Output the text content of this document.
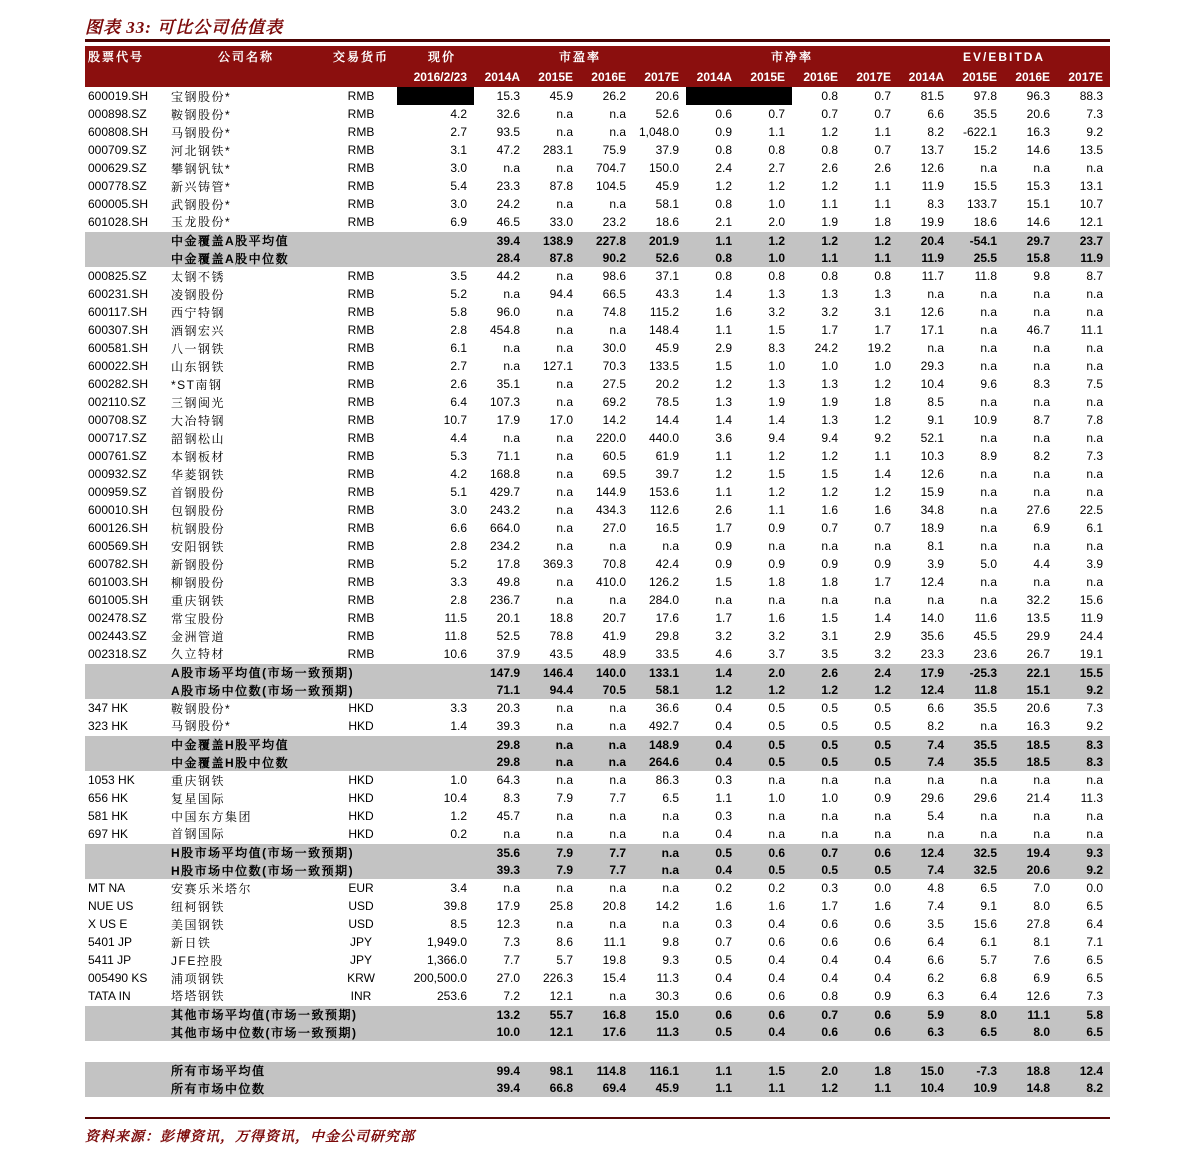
图表 33: 可比公司估值表
股票代号	公司名称	交易货币	现价	市盈率				市净率				EV/EBITDA			
			2016/2/23	2014A	2015E	2016E	2017E	2014A	2015E	2016E	2017E	2014A	2015E	2016E	2017E
600019.SH	宝钢股份*	RMB		15.3	45.9	26.2	20.6			0.8	0.7	81.5	97.8	96.3	88.3
000898.SZ	鞍钢股份*	RMB	4.2	32.6	n.a	n.a	52.6	0.6	0.7	0.7	0.7	6.6	35.5	20.6	7.3
600808.SH	马钢股份*	RMB	2.7	93.5	n.a	n.a	1,048.0	0.9	1.1	1.2	1.1	8.2	-622.1	16.3	9.2
000709.SZ	河北钢铁*	RMB	3.1	47.2	283.1	75.9	37.9	0.8	0.8	0.8	0.7	13.7	15.2	14.6	13.5
000629.SZ	攀钢钒钛*	RMB	3.0	n.a	n.a	704.7	150.0	2.4	2.7	2.6	2.6	12.6	n.a	n.a	n.a
000778.SZ	新兴铸管*	RMB	5.4	23.3	87.8	104.5	45.9	1.2	1.2	1.2	1.1	11.9	15.5	15.3	13.1
600005.SH	武钢股份*	RMB	3.0	24.2	n.a	n.a	58.1	0.8	1.0	1.1	1.1	8.3	133.7	15.1	10.7
601028.SH	玉龙股份*	RMB	6.9	46.5	33.0	23.2	18.6	2.1	2.0	1.9	1.8	19.9	18.6	14.6	12.1
	中金覆盖A股平均值			39.4	138.9	227.8	201.9	1.1	1.2	1.2	1.2	20.4	-54.1	29.7	23.7
	中金覆盖A股中位数			28.4	87.8	90.2	52.6	0.8	1.0	1.1	1.1	11.9	25.5	15.8	11.9
000825.SZ	太钢不锈	RMB	3.5	44.2	n.a	98.6	37.1	0.8	0.8	0.8	0.8	11.7	11.8	9.8	8.7
600231.SH	凌钢股份	RMB	5.2	n.a	94.4	66.5	43.3	1.4	1.3	1.3	1.3	n.a	n.a	n.a	n.a
600117.SH	西宁特钢	RMB	5.8	96.0	n.a	74.8	115.2	1.6	3.2	3.2	3.1	12.6	n.a	n.a	n.a
600307.SH	酒钢宏兴	RMB	2.8	454.8	n.a	n.a	148.4	1.1	1.5	1.7	1.7	17.1	n.a	46.7	11.1
600581.SH	八一钢铁	RMB	6.1	n.a	n.a	30.0	45.9	2.9	8.3	24.2	19.2	n.a	n.a	n.a	n.a
600022.SH	山东钢铁	RMB	2.7	n.a	127.1	70.3	133.5	1.5	1.0	1.0	1.0	29.3	n.a	n.a	n.a
600282.SH	*ST南钢	RMB	2.6	35.1	n.a	27.5	20.2	1.2	1.3	1.3	1.2	10.4	9.6	8.3	7.5
002110.SZ	三钢闽光	RMB	6.4	107.3	n.a	69.2	78.5	1.3	1.9	1.9	1.8	8.5	n.a	n.a	n.a
000708.SZ	大冶特钢	RMB	10.7	17.9	17.0	14.2	14.4	1.4	1.4	1.3	1.2	9.1	10.9	8.7	7.8
000717.SZ	韶钢松山	RMB	4.4	n.a	n.a	220.0	440.0	3.6	9.4	9.4	9.2	52.1	n.a	n.a	n.a
000761.SZ	本钢板材	RMB	5.3	71.1	n.a	60.5	61.9	1.1	1.2	1.2	1.1	10.3	8.9	8.2	7.3
000932.SZ	华菱钢铁	RMB	4.2	168.8	n.a	69.5	39.7	1.2	1.5	1.5	1.4	12.6	n.a	n.a	n.a
000959.SZ	首钢股份	RMB	5.1	429.7	n.a	144.9	153.6	1.1	1.2	1.2	1.2	15.9	n.a	n.a	n.a
600010.SH	包钢股份	RMB	3.0	243.2	n.a	434.3	112.6	2.6	1.1	1.6	1.6	34.8	n.a	27.6	22.5
600126.SH	杭钢股份	RMB	6.6	664.0	n.a	27.0	16.5	1.7	0.9	0.7	0.7	18.9	n.a	6.9	6.1
600569.SH	安阳钢铁	RMB	2.8	234.2	n.a	n.a	n.a	0.9	n.a	n.a	n.a	8.1	n.a	n.a	n.a
600782.SH	新钢股份	RMB	5.2	17.8	369.3	70.8	42.4	0.9	0.9	0.9	0.9	3.9	5.0	4.4	3.9
601003.SH	柳钢股份	RMB	3.3	49.8	n.a	410.0	126.2	1.5	1.8	1.8	1.7	12.4	n.a	n.a	n.a
601005.SH	重庆钢铁	RMB	2.8	236.7	n.a	n.a	284.0	n.a	n.a	n.a	n.a	n.a	n.a	32.2	15.6
002478.SZ	常宝股份	RMB	11.5	20.1	18.8	20.7	17.6	1.7	1.6	1.5	1.4	14.0	11.6	13.5	11.9
002443.SZ	金洲管道	RMB	11.8	52.5	78.8	41.9	29.8	3.2	3.2	3.1	2.9	35.6	45.5	29.9	24.4
002318.SZ	久立特材	RMB	10.6	37.9	43.5	48.9	33.5	4.6	3.7	3.5	3.2	23.3	23.6	26.7	19.1
	A股市场平均值(市场一致预期)			147.9	146.4	140.0	133.1	1.4	2.0	2.6	2.4	17.9	-25.3	22.1	15.5
	A股市场中位数(市场一致预期)			71.1	94.4	70.5	58.1	1.2	1.2	1.2	1.2	12.4	11.8	15.1	9.2
347 HK	鞍钢股份*	HKD	3.3	20.3	n.a	n.a	36.6	0.4	0.5	0.5	0.5	6.6	35.5	20.6	7.3
323 HK	马钢股份*	HKD	1.4	39.3	n.a	n.a	492.7	0.4	0.5	0.5	0.5	8.2	n.a	16.3	9.2
	中金覆盖H股平均值			29.8	n.a	n.a	148.9	0.4	0.5	0.5	0.5	7.4	35.5	18.5	8.3
	中金覆盖H股中位数			29.8	n.a	n.a	264.6	0.4	0.5	0.5	0.5	7.4	35.5	18.5	8.3
1053 HK	重庆钢铁	HKD	1.0	64.3	n.a	n.a	86.3	0.3	n.a	n.a	n.a	n.a	n.a	n.a	n.a
656 HK	复星国际	HKD	10.4	8.3	7.9	7.7	6.5	1.1	1.0	1.0	0.9	29.6	29.6	21.4	11.3
581 HK	中国东方集团	HKD	1.2	45.7	n.a	n.a	n.a	0.3	n.a	n.a	n.a	5.4	n.a	n.a	n.a
697 HK	首钢国际	HKD	0.2	n.a	n.a	n.a	n.a	0.4	n.a	n.a	n.a	n.a	n.a	n.a	n.a
	H股市场平均值(市场一致预期)			35.6	7.9	7.7	n.a	0.5	0.6	0.7	0.6	12.4	32.5	19.4	9.3
	H股市场中位数(市场一致预期)			39.3	7.9	7.7	n.a	0.4	0.5	0.5	0.5	7.4	32.5	20.6	9.2
MT NA	安赛乐米塔尔	EUR	3.4	n.a	n.a	n.a	n.a	0.2	0.2	0.3	0.0	4.8	6.5	7.0	0.0
NUE US	纽柯钢铁	USD	39.8	17.9	25.8	20.8	14.2	1.6	1.6	1.7	1.6	7.4	9.1	8.0	6.5
X US E	美国钢铁	USD	8.5	12.3	n.a	n.a	n.a	0.3	0.4	0.6	0.6	3.5	15.6	27.8	6.4
5401 JP	新日铁	JPY	1,949.0	7.3	8.6	11.1	9.8	0.7	0.6	0.6	0.6	6.4	6.1	8.1	7.1
5411 JP	JFE控股	JPY	1,366.0	7.7	5.7	19.8	9.3	0.5	0.4	0.4	0.4	6.6	5.7	7.6	6.5
005490 KS	浦项钢铁	KRW	200,500.0	27.0	226.3	15.4	11.3	0.4	0.4	0.4	0.4	6.2	6.8	6.9	6.5
TATA IN	塔塔钢铁	INR	253.6	7.2	12.1	n.a	30.3	0.6	0.6	0.8	0.9	6.3	6.4	12.6	7.3
	其他市场平均值(市场一致预期)			13.2	55.7	16.8	15.0	0.6	0.6	0.7	0.6	5.9	8.0	11.1	5.8
	其他市场中位数(市场一致预期)			10.0	12.1	17.6	11.3	0.5	0.4	0.6	0.6	6.3	6.5	8.0	6.5

	所有市场平均值			99.4	98.1	114.8	116.1	1.1	1.5	2.0	1.8	15.0	-7.3	18.8	12.4
	所有市场中位数			39.4	66.8	69.4	45.9	1.1	1.1	1.2	1.1	10.4	10.9	14.8	8.2
资料来源：彭博资讯，万得资讯，中金公司研究部
